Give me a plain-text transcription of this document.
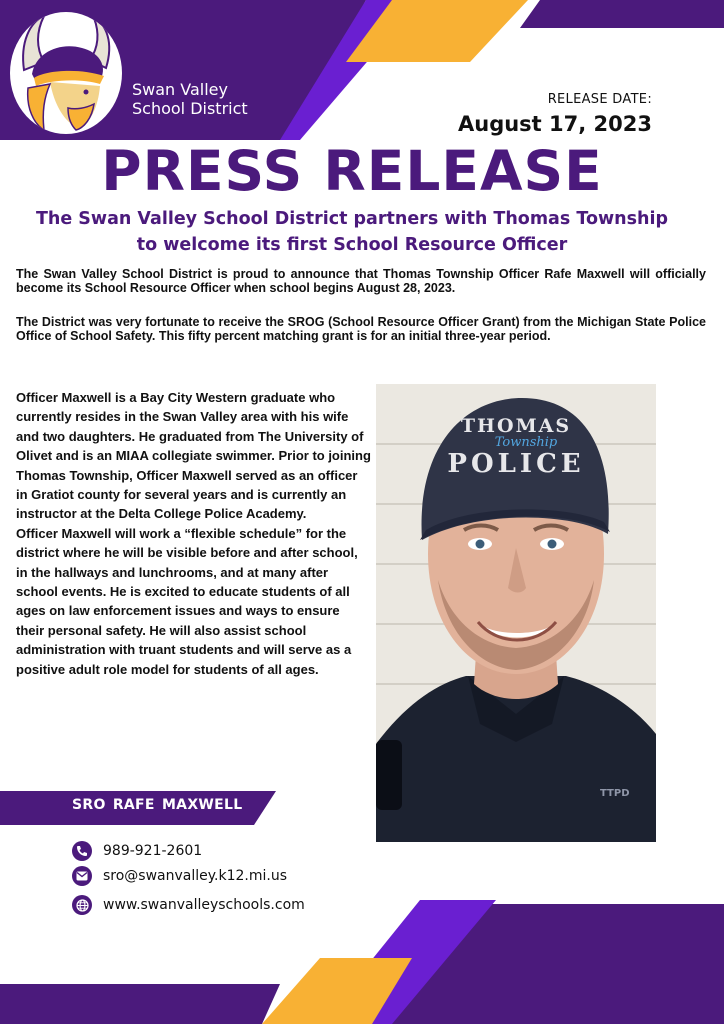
Swan Valley
School District	RELEASE DATE:
August 17, 2023
PRESS RELEASE
The Swan Valley School District partners with Thomas Township
to welcome its first School Resource Officer
The Swan Valley School District is proud to announce that Thomas Township Officer Rafe Maxwell will officially become its School Resource Officer when school begins August 28, 2023.
The District was very fortunate to receive the SROG (School Resource Officer Grant) from the Michigan State Police Office of School Safety. This fifty percent matching grant is for an initial three-year period.

Officer Maxwell is a Bay City Western graduate who currently resides in the Swan Valley area with his wife and two daughters. He graduated from The University of Olivet and is an MIAA collegiate swimmer. Prior to joining Thomas Township, Officer Maxwell served as an officer in Gratiot county for several years and is currently an instructor at the Delta College Police Academy.

Officer Maxwell will work a “flexible schedule” for the district where he will be visible before and after school, in the hallways and lunchrooms, and at many after school events. He is excited to educate students of all ages on law enforcement issues and ways to ensure their personal safety. He will also assist school administration with truant students and will serve as a positive adult role model for students of all ages.

THOMAS
Township
POLICE
TTPD
SRO RAFE MAXWELL
989-921-2601
sro@swanvalley.k12.mi.us
www.swanvalleyschools.com
